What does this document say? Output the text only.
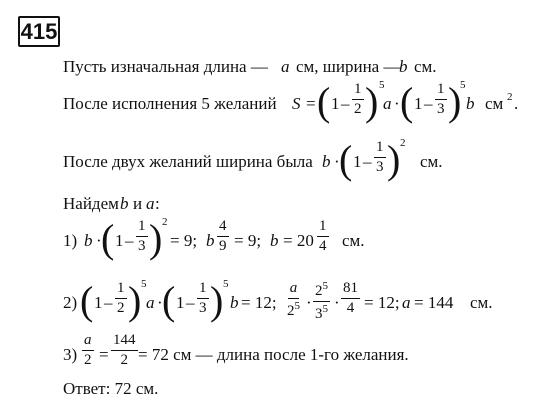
415
Пусть изначальная длина — a см, ширина —
b см.
После исполнения 5 желаний S = ( $1 - \frac{1}{2}$ ) 5
a · ( $1 - \frac{1}{3}$ )
5
b см 2 .
После двух желаний ширина была b · ( $1 - \frac{1}{3}$ ) 2
см.
Найдем b и a :
1) b · ( $1 - \frac{1}{3}$ ) 2
= 9; b $\frac{4}{9} = 9$; $b = 20 \frac{1}{4}$ см.
2) ( $1 - \frac{1}{2}$ ) 5
a · ( $1 - \frac{1}{3}$ ) 5
b = 12; $\frac{a}{2^5} \cdot \frac{2^5}{3^5} \cdot \frac{81}{4} = 12$; a = 144 см.
$3) \frac{a}{2} = \frac{144}{2} = 72$ см — длина после 1-го желания.
Ответ: 72 см.
